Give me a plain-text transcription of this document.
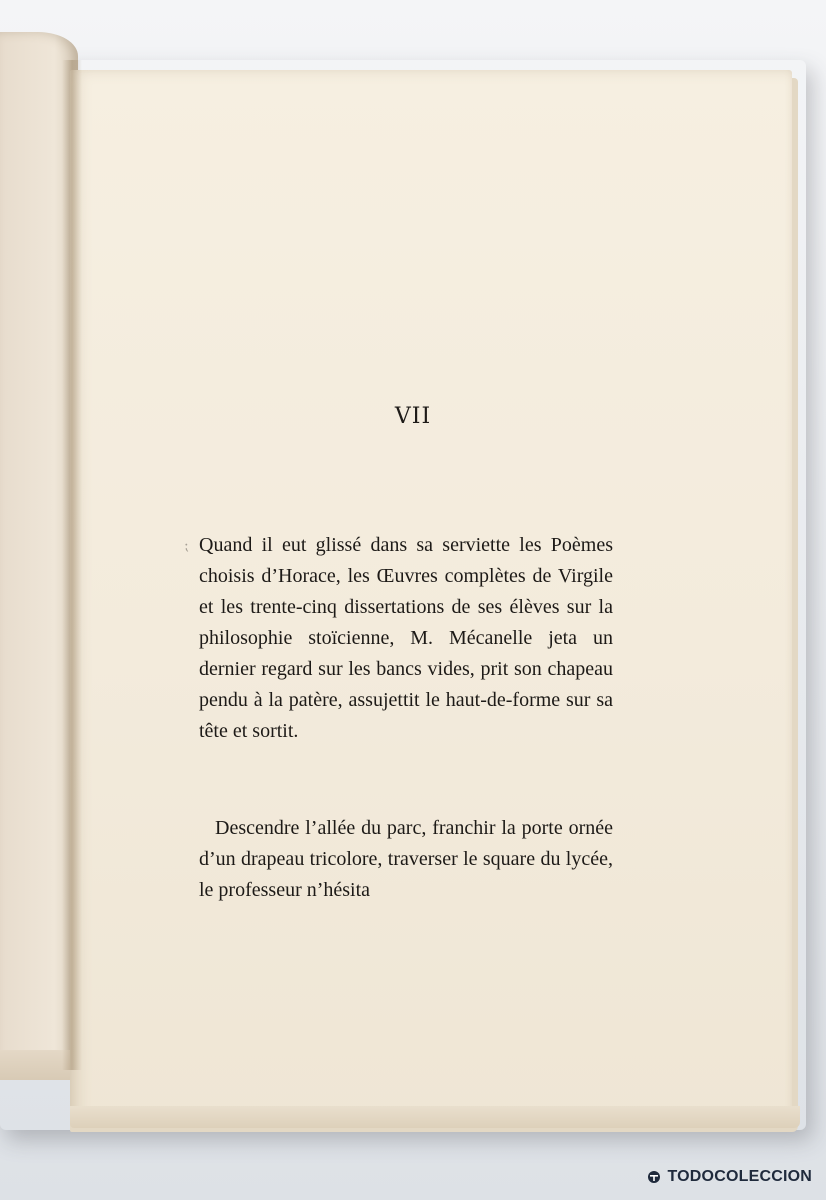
VII
⁏ Quand il eut glissé dans sa serviette les Poèmes choisis d’Horace, les Œuvres complètes de Virgile et les trente-cinq dissertations de ses élèves sur la philosophie stoïcienne, M. Mécanelle jeta un dernier regard sur les bancs vides, prit son chapeau pendu à la patère, assujettit le haut-de-forme sur sa tête et sortit.

Descendre l’allée du parc, franchir la porte ornée d’un drapeau tricolore, traverser le square du lycée, le professeur n’hésita

TODOCOLECCION
